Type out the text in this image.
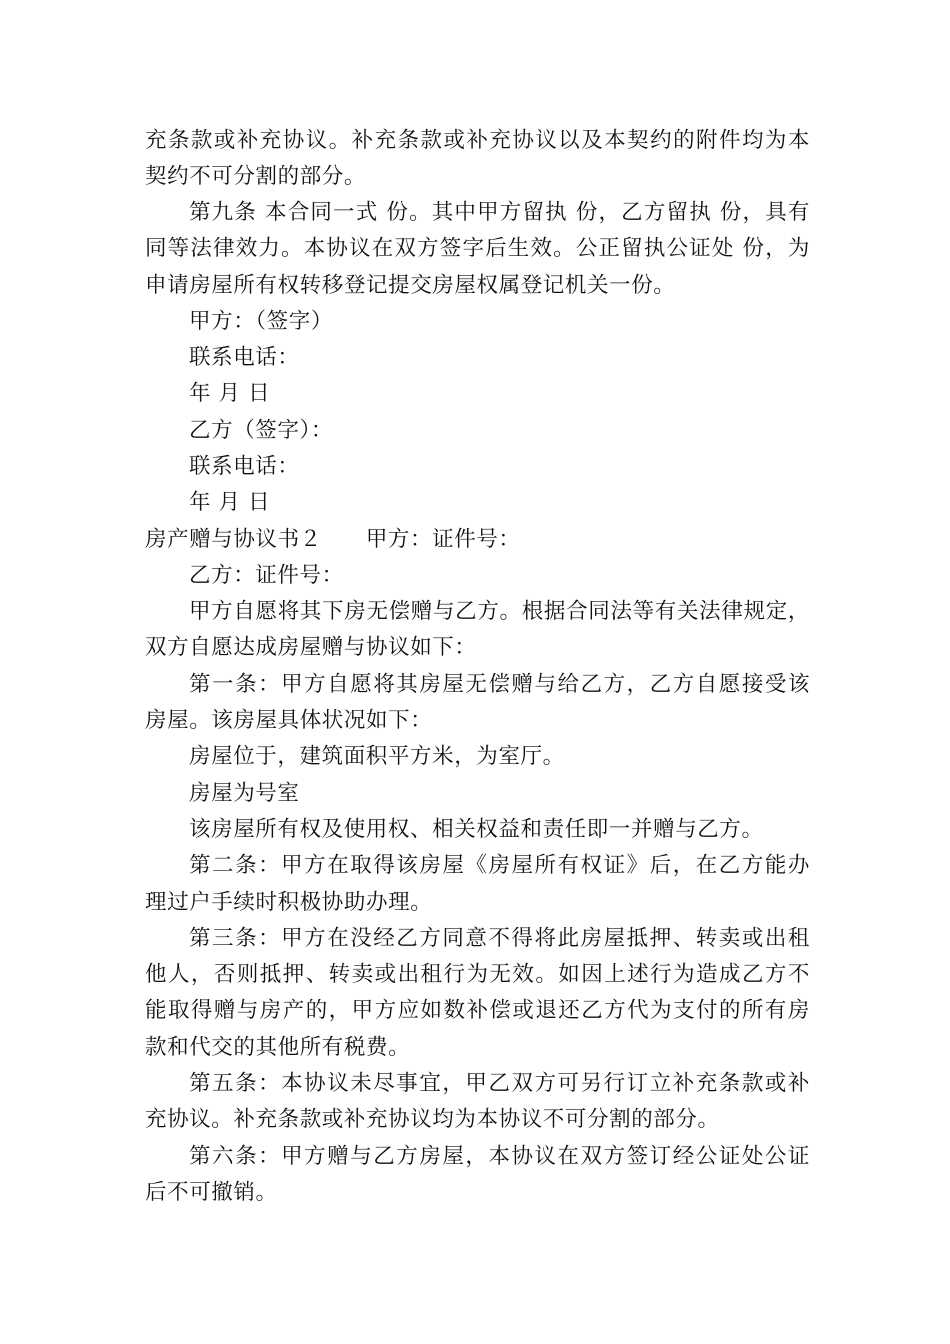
充条款或补充协议。补充条款或补充协议以及本契约的附件均为本
契约不可分割的部分。
第九条 本合同一式 份。其中甲方留执 份，乙方留执 份，具有
同等法律效力。本协议在双方签字后生效。公正留执公证处 份，为
申请房屋所有权转移登记提交房屋权属登记机关一份。
甲方：（签字）
联系电话：
年 月 日
乙方（签字）：
联系电话：
年 月 日
房产赠与协议书２ 甲方：证件号：
乙方：证件号：
甲方自愿将其下房无偿赠与乙方。根据合同法等有关法律规定，
双方自愿达成房屋赠与协议如下：
第一条：甲方自愿将其房屋无偿赠与给乙方，乙方自愿接受该
房屋。该房屋具体状况如下：
房屋位于，建筑面积平方米，为室厅。
房屋为号室
该房屋所有权及使用权、相关权益和责任即一并赠与乙方。
第二条：甲方在取得该房屋《房屋所有权证》后，在乙方能办
理过户手续时积极协助办理。
第三条：甲方在没经乙方同意不得将此房屋抵押、转卖或出租
他人，否则抵押、转卖或出租行为无效。如因上述行为造成乙方不
能取得赠与房产的，甲方应如数补偿或退还乙方代为支付的所有房
款和代交的其他所有税费。
第五条：本协议未尽事宜，甲乙双方可另行订立补充条款或补
充协议。补充条款或补充协议均为本协议不可分割的部分。
第六条：甲方赠与乙方房屋，本协议在双方签订经公证处公证
后不可撤销。
